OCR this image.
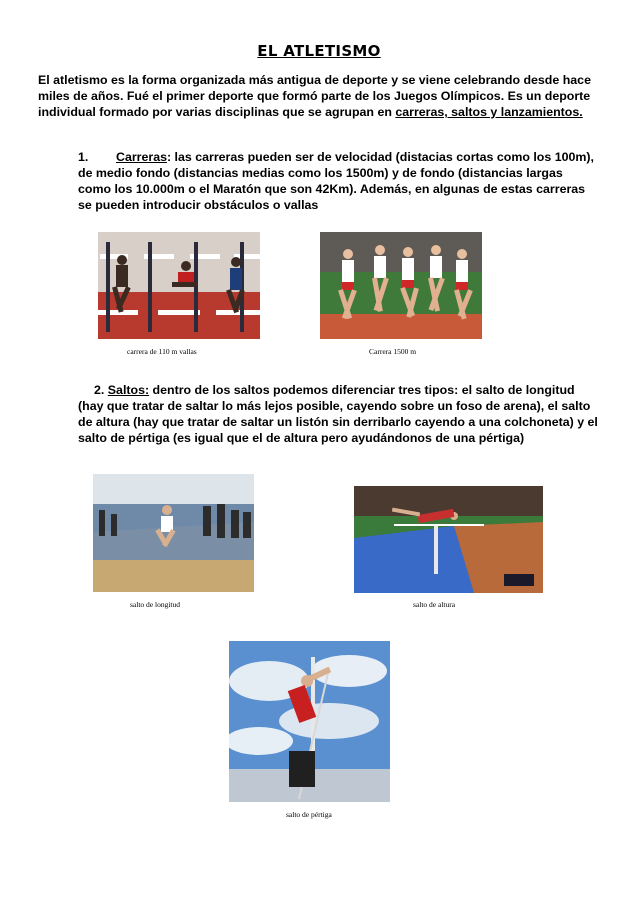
EL ATLETISMO
El atletismo es la forma organizada más antigua de deporte y se viene celebrando desde hace miles de años. Fué el primer deporte que formó parte de los Juegos Olímpicos. Es un deporte individual formado por varias disciplinas que se agrupan en carreras, saltos y lanzamientos.
1. Carreras: las carreras pueden ser de velocidad (distacias cortas como los 100m), de medio fondo (distancias medias como los 1500m) y de fondo (distancias largas como los 10.000m o el Maratón que son 42Km). Además, en algunas de estas carreras se pueden introducir obstáculos o vallas
carrera de 110 m vallas	Carrera 1500 m
2. Saltos: dentro de los saltos podemos diferenciar tres tipos: el salto de longitud (hay que tratar de saltar lo más lejos posible, cayendo sobre un foso de arena), el salto de altura (hay que tratar de saltar un listón sin derribarlo cayendo a una colchoneta) y el salto de pértiga (es igual que el de altura pero ayudándonos de una pértiga)
salto de longitud	salto de altura
salto de pértiga
